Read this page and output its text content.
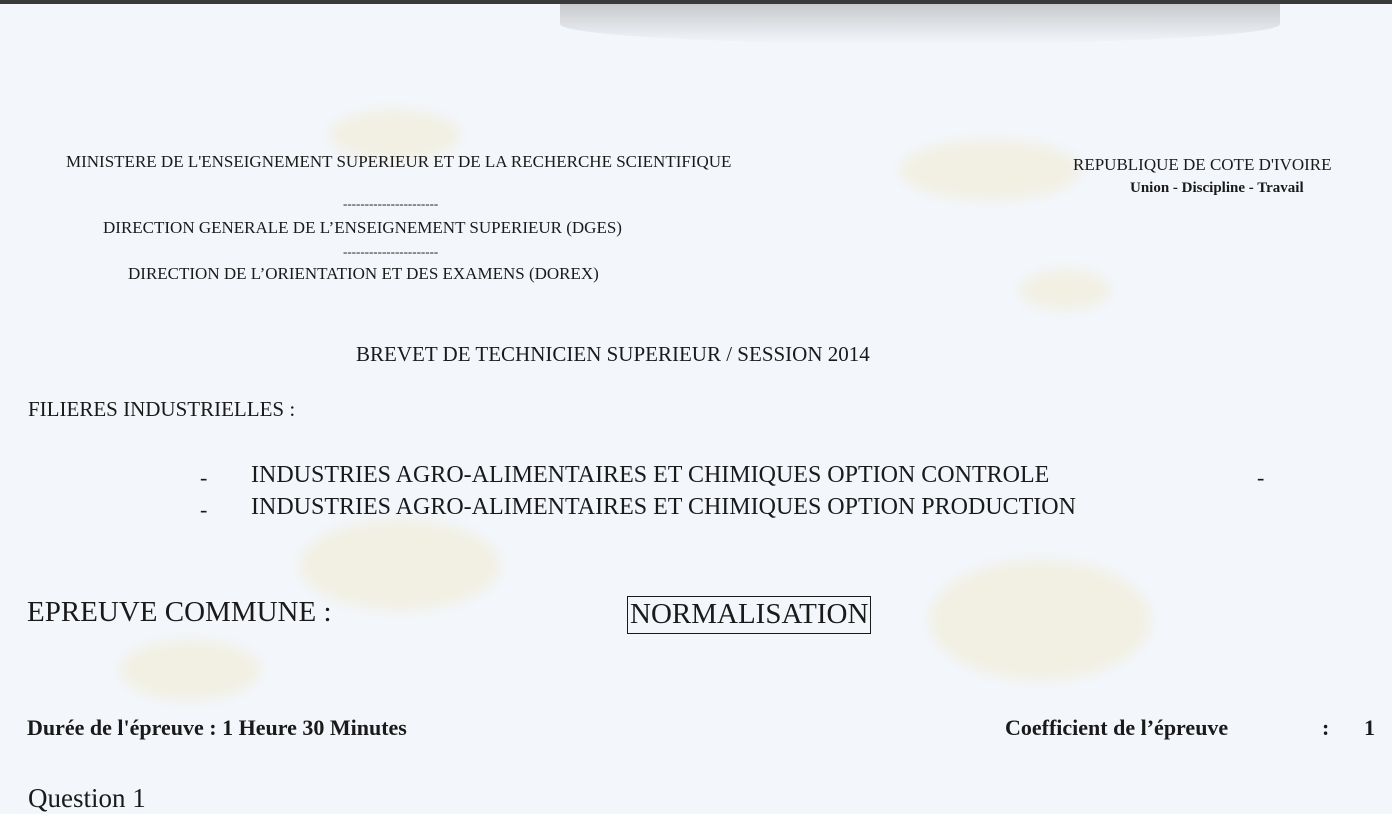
MINISTERE DE L'ENSEIGNEMENT SUPERIEUR ET DE LA RECHERCHE SCIENTIFIQUE	REPUBLIQUE DE COTE D'IVOIRE
Union - Discipline - Travail
----------------------
DIRECTION GENERALE DE L’ENSEIGNEMENT SUPERIEUR (DGES)
----------------------
DIRECTION DE L’ORIENTATION ET DES EXAMENS (DOREX)
BREVET DE TECHNICIEN SUPERIEUR / SESSION 2014
FILIERES INDUSTRIELLES :
- INDUSTRIES AGRO-ALIMENTAIRES ET CHIMIQUES OPTION CONTROLE	-
- INDUSTRIES AGRO-ALIMENTAIRES ET CHIMIQUES OPTION PRODUCTION
EPREUVE COMMUNE :	NORMALISATION
Durée de l'épreuve : 1 Heure 30 Minutes	Coefficient de l’épreuve	: 1
Question 1
